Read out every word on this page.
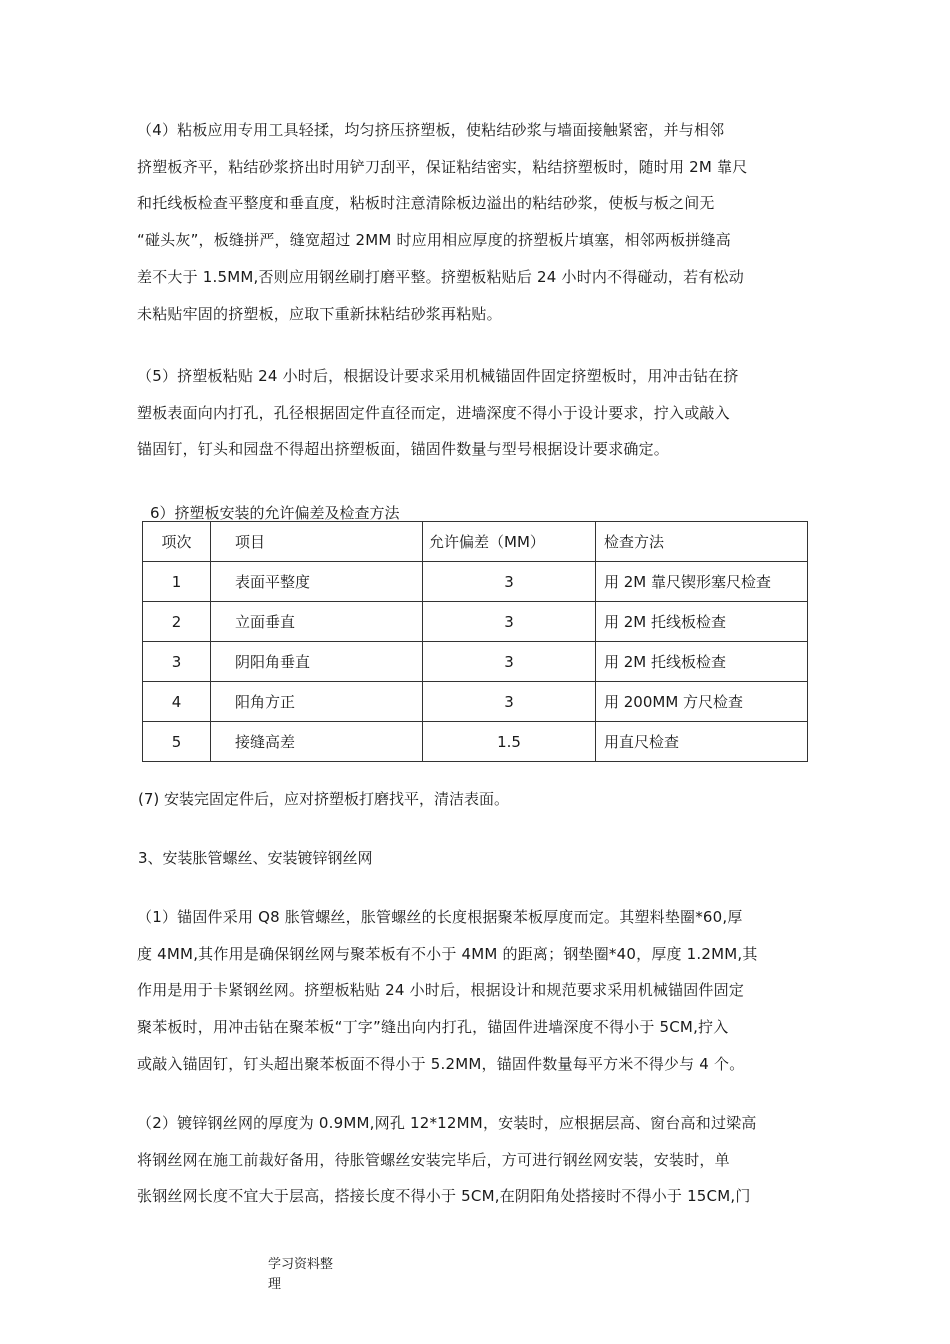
（4）粘板应用专用工具轻揉，均匀挤压挤塑板，使粘结砂浆与墙面接触紧密，并与相邻
挤塑板齐平，粘结砂浆挤出时用铲刀刮平，保证粘结密实，粘结挤塑板时，随时用 2M 靠尺
和托线板检查平整度和垂直度，粘板时注意清除板边溢出的粘结砂浆，使板与板之间无
“碰头灰”，板缝拼严，缝宽超过 2MM 时应用相应厚度的挤塑板片填塞，相邻两板拼缝高
差不大于 1.5MM,否则应用钢丝刷打磨平整。挤塑板粘贴后 24 小时内不得碰动，若有松动
未粘贴牢固的挤塑板，应取下重新抹粘结砂浆再粘贴。
（5）挤塑板粘贴 24 小时后，根据设计要求采用机械锚固件固定挤塑板时，用冲击钻在挤
塑板表面向内打孔，孔径根据固定件直径而定，进墙深度不得小于设计要求，拧入或敲入
锚固钉，钉头和园盘不得超出挤塑板面，锚固件数量与型号根据设计要求确定。
6）挤塑板安装的允许偏差及检查方法
项次	项目	允许偏差（MM）	检查方法
1	表面平整度	3	用 2M 靠尺锲形塞尺检查
2	立面垂直	3	用 2M 托线板检查
3	阴阳角垂直	3	用 2M 托线板检查
4	阳角方正	3	用 200MM 方尺检查
5	接缝高差	1.5	用直尺检查
(7) 安装完固定件后，应对挤塑板打磨找平，清洁表面。
3、安装胀管螺丝、安装镀锌钢丝网
（1）锚固件采用 Q8 胀管螺丝，胀管螺丝的长度根据聚苯板厚度而定。其塑料垫圈*60,厚
度 4MM,其作用是确保钢丝网与聚苯板有不小于 4MM 的距离；钢垫圈*40，厚度 1.2MM,其
作用是用于卡紧钢丝网。挤塑板粘贴 24 小时后，根据设计和规范要求采用机械锚固件固定
聚苯板时，用冲击钻在聚苯板“丁字”缝出向内打孔，锚固件进墙深度不得小于 5CM,拧入
或敲入锚固钉，钉头超出聚苯板面不得小于 5.2MM，锚固件数量每平方米不得少与 4 个。
（2）镀锌钢丝网的厚度为 0.9MM,网孔 12*12MM，安装时，应根据层高、窗台高和过梁高
将钢丝网在施工前裁好备用，待胀管螺丝安装完毕后，方可进行钢丝网安装，安装时，单
张钢丝网长度不宜大于层高，搭接长度不得小于 5CM,在阴阳角处搭接时不得小于 15CM,门
学习资料整
理
